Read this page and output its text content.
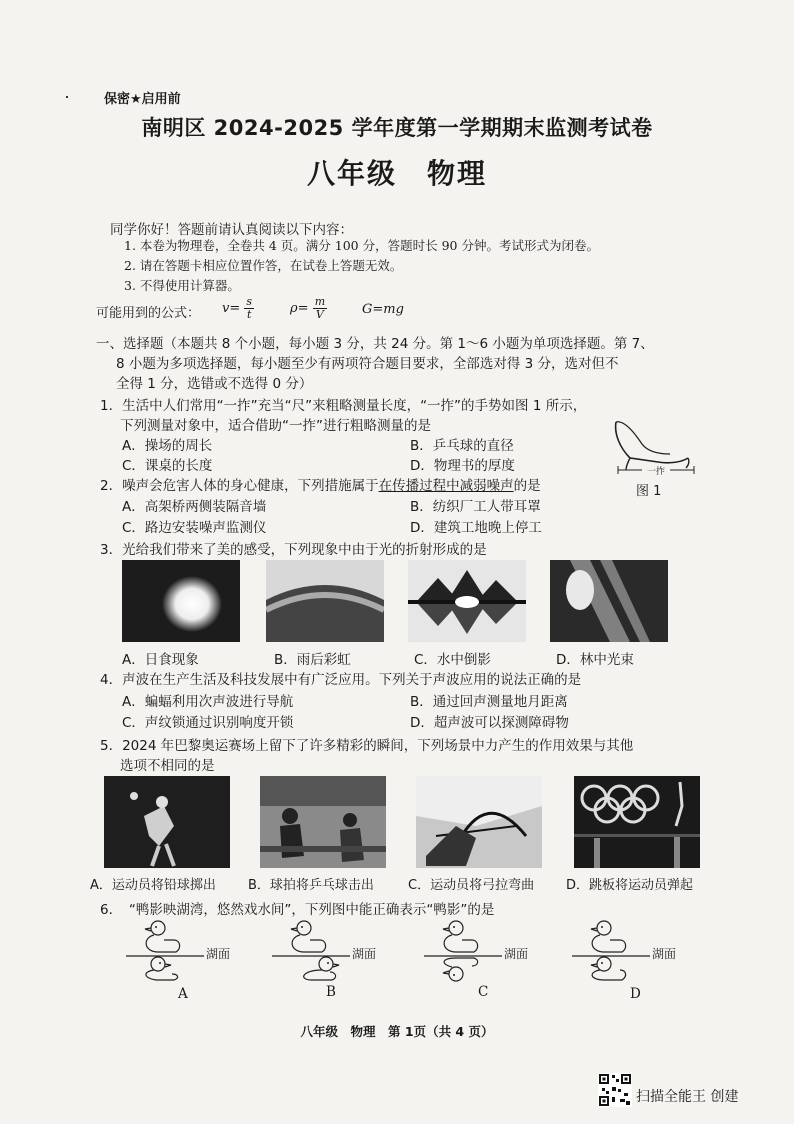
保密★启用前
南明区 2024-2025 学年度第一学期期末监测考试卷
八年级　物理
同学你好！答题前请认真阅读以下内容：
1. 本卷为物理卷，全卷共 4 页。满分 100 分，答题时长 90 分钟。考试形式为闭卷。
2. 请在答题卡相应位置作答，在试卷上答题无效。
3. 不得使用计算器。
可能用到的公式： $v= \frac{s}{t}$	$\rho= \frac{m}{V}$	G=mg
一、选择题（本题共 8 个小题，每小题 3 分，共 24 分。第 1～6 小题为单项选择题。第 7、
8 小题为多项选择题，每小题至少有两项符合题目要求，全部选对得 3 分，选对但不
全得 1 分，选错或不选得 0 分）
1．生活中人们常用“一拃”充当“尺”来粗略测量长度，“一拃”的手势如图 1 所示，
下列测量对象中，适合借助“一拃”进行粗略测量的是
A．操场的周长	B．乒乓球的直径
C．课桌的长度	D．物理书的厚度	一拃
图 1
2．噪声会危害人体的身心健康，下列措施属于在传播过程中减弱噪声的是
A．高架桥两侧装隔音墙	B．纺织厂工人带耳罩
C．路边安装噪声监测仪	D．建筑工地晚上停工
3．光给我们带来了美的感受，下列现象中由于光的折射形成的是
A．日食现象	B．雨后彩虹	C．水中倒影	D．林中光束
4．声波在生产生活及科技发展中有广泛应用。下列关于声波应用的说法正确的是
A．蝙蝠利用次声波进行导航	B．通过回声测量地月距离
C．声纹锁通过识别响度开锁	D．超声波可以探测障碍物
5．2024 年巴黎奥运赛场上留下了许多精彩的瞬间，下列场景中力产生的作用效果与其他
选项不相同的是
A．运动员将铅球掷出 B．球拍将乒乓球击出	C．运动员将弓拉弯曲 D．跳板将运动员弹起
6．　“鸭影映湖湾，悠然戏水间”，下列图中能正确表示“鸭影”的是
湖面	湖面	湖面	湖面
A	B	C	D
八年级　物理　第 1页（共 4 页）
扫描全能王 创建
